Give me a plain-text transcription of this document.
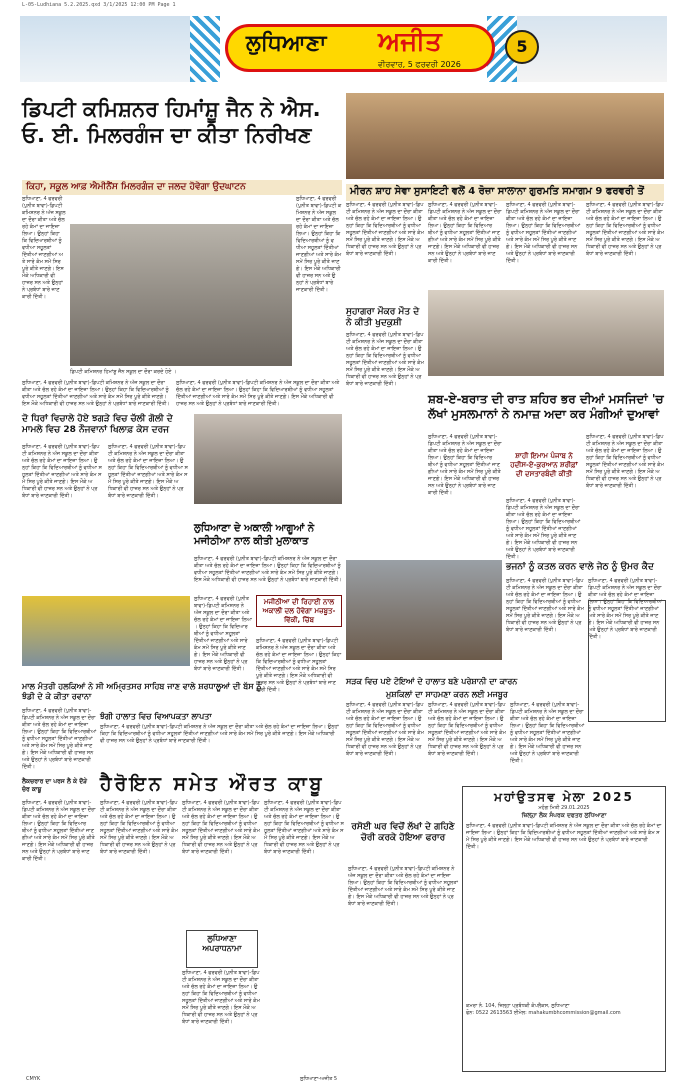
L-05-Ludhiana 5.2.2025.qxd 3/1/2025 12:00 PM Page 1
ਲੁਧਿਆਣਾ ਅਜੀਤ
ਵੀਰਵਾਰ, 5 ਫਰਵਰੀ 2026
5
ਡਿਪਟੀ ਕਮਿਸ਼ਨਰ ਹਿਮਾਂਸ਼ੂ ਜੈਨ ਨੇ ਐਸ. ਓ. ਈ. ਮਿਲਰਗੰਜ ਦਾ ਕੀਤਾ ਨਿਰੀਖਣ
ਕਿਹਾ, ਸਕੂਲ ਆਫ਼ ਐਮੀਨੈਂਸ ਮਿਲਰਗੰਜ ਦਾ ਜਲਦ ਹੋਵੇਗਾ ਉਦਘਾਟਨ
ਲੁਧਿਆਣਾ, 4 ਫਰਵਰੀ (ਪੁਨੀਤ ਬਾਵਾ)-ਡਿਪਟੀ ਕਮਿਸ਼ਨਰ ਨੇ ਅੱਜ ਸਕੂਲ ਦਾ ਦੌਰਾ ਕੀਤਾ ਅਤੇ ਚੱਲ ਰਹੇ ਕੰਮਾਂ ਦਾ ਜਾਇਜ਼ਾ ਲਿਆ। ਉਨ੍ਹਾਂ ਕਿਹਾ ਕਿ ਵਿਦਿਆਰਥੀਆਂ ਨੂੰ ਵਧੀਆ ਸਹੂਲਤਾਂ ਦਿੱਤੀਆਂ ਜਾਣਗੀਆਂ ਅਤੇ ਸਾਰੇ ਕੰਮ ਸਮੇਂ ਸਿਰ ਪੂਰੇ ਕੀਤੇ ਜਾਣਗੇ। ਇਸ ਮੌਕੇ ਅਧਿਕਾਰੀ ਵੀ ਹਾਜ਼ਰ ਸਨ ਅਤੇ ਉਨ੍ਹਾਂ ਨੇ ਪ੍ਰਬੰਧਾਂ ਬਾਰੇ ਜਾਣਕਾਰੀ ਦਿੱਤੀ।
ਡਿਪਟੀ ਕਮਿਸ਼ਨਰ ਹਿਮਾਂਸ਼ੂ ਜੈਨ ਸਕੂਲ ਦਾ ਦੌਰਾ ਕਰਦੇ ਹੋਏ ।
ਲੁਧਿਆਣਾ, 4 ਫਰਵਰੀ (ਪੁਨੀਤ ਬਾਵਾ)-ਡਿਪਟੀ ਕਮਿਸ਼ਨਰ ਨੇ ਅੱਜ ਸਕੂਲ ਦਾ ਦੌਰਾ ਕੀਤਾ ਅਤੇ ਚੱਲ ਰਹੇ ਕੰਮਾਂ ਦਾ ਜਾਇਜ਼ਾ ਲਿਆ। ਉਨ੍ਹਾਂ ਕਿਹਾ ਕਿ ਵਿਦਿਆਰਥੀਆਂ ਨੂੰ ਵਧੀਆ ਸਹੂਲਤਾਂ ਦਿੱਤੀਆਂ ਜਾਣਗੀਆਂ ਅਤੇ ਸਾਰੇ ਕੰਮ ਸਮੇਂ ਸਿਰ ਪੂਰੇ ਕੀਤੇ ਜਾਣਗੇ। ਇਸ ਮੌਕੇ ਅਧਿਕਾਰੀ ਵੀ ਹਾਜ਼ਰ ਸਨ ਅਤੇ ਉਨ੍ਹਾਂ ਨੇ ਪ੍ਰਬੰਧਾਂ ਬਾਰੇ ਜਾਣਕਾਰੀ ਦਿੱਤੀ।
ਲੁਧਿਆਣਾ, 4 ਫਰਵਰੀ (ਪੁਨੀਤ ਬਾਵਾ)-ਡਿਪਟੀ ਕਮਿਸ਼ਨਰ ਨੇ ਅੱਜ ਸਕੂਲ ਦਾ ਦੌਰਾ ਕੀਤਾ ਅਤੇ ਚੱਲ ਰਹੇ ਕੰਮਾਂ ਦਾ ਜਾਇਜ਼ਾ ਲਿਆ। ਉਨ੍ਹਾਂ ਕਿਹਾ ਕਿ ਵਿਦਿਆਰਥੀਆਂ ਨੂੰ ਵਧੀਆ ਸਹੂਲਤਾਂ ਦਿੱਤੀਆਂ ਜਾਣਗੀਆਂ ਅਤੇ ਸਾਰੇ ਕੰਮ ਸਮੇਂ ਸਿਰ ਪੂਰੇ ਕੀਤੇ ਜਾਣਗੇ। ਇਸ ਮੌਕੇ ਅਧਿਕਾਰੀ ਵੀ ਹਾਜ਼ਰ ਸਨ ਅਤੇ ਉਨ੍ਹਾਂ ਨੇ ਪ੍ਰਬੰਧਾਂ ਬਾਰੇ ਜਾਣਕਾਰੀ ਦਿੱਤੀ।
ਲੁਧਿਆਣਾ, 4 ਫਰਵਰੀ (ਪੁਨੀਤ ਬਾਵਾ)-ਡਿਪਟੀ ਕਮਿਸ਼ਨਰ ਨੇ ਅੱਜ ਸਕੂਲ ਦਾ ਦੌਰਾ ਕੀਤਾ ਅਤੇ ਚੱਲ ਰਹੇ ਕੰਮਾਂ ਦਾ ਜਾਇਜ਼ਾ ਲਿਆ। ਉਨ੍ਹਾਂ ਕਿਹਾ ਕਿ ਵਿਦਿਆਰਥੀਆਂ ਨੂੰ ਵਧੀਆ ਸਹੂਲਤਾਂ ਦਿੱਤੀਆਂ ਜਾਣਗੀਆਂ ਅਤੇ ਸਾਰੇ ਕੰਮ ਸਮੇਂ ਸਿਰ ਪੂਰੇ ਕੀਤੇ ਜਾਣਗੇ। ਇਸ ਮੌਕੇ ਅਧਿਕਾਰੀ ਵੀ ਹਾਜ਼ਰ ਸਨ ਅਤੇ ਉਨ੍ਹਾਂ ਨੇ ਪ੍ਰਬੰਧਾਂ ਬਾਰੇ ਜਾਣਕਾਰੀ ਦਿੱਤੀ।
ਮੀਰਨ ਸ਼ਾਹ ਸੇਵਾ ਸੁਸਾਇਟੀ ਵਲੋਂ 4 ਰੋਜ਼ਾ ਸਾਲਾਨਾ ਗੁਰਮਤਿ ਸਮਾਗਮ 9 ਫਰਵਰੀ ਤੋਂ
ਲੁਧਿਆਣਾ, 4 ਫਰਵਰੀ (ਪੁਨੀਤ ਬਾਵਾ)-ਡਿਪਟੀ ਕਮਿਸ਼ਨਰ ਨੇ ਅੱਜ ਸਕੂਲ ਦਾ ਦੌਰਾ ਕੀਤਾ ਅਤੇ ਚੱਲ ਰਹੇ ਕੰਮਾਂ ਦਾ ਜਾਇਜ਼ਾ ਲਿਆ। ਉਨ੍ਹਾਂ ਕਿਹਾ ਕਿ ਵਿਦਿਆਰਥੀਆਂ ਨੂੰ ਵਧੀਆ ਸਹੂਲਤਾਂ ਦਿੱਤੀਆਂ ਜਾਣਗੀਆਂ ਅਤੇ ਸਾਰੇ ਕੰਮ ਸਮੇਂ ਸਿਰ ਪੂਰੇ ਕੀਤੇ ਜਾਣਗੇ। ਇਸ ਮੌਕੇ ਅਧਿਕਾਰੀ ਵੀ ਹਾਜ਼ਰ ਸਨ ਅਤੇ ਉਨ੍ਹਾਂ ਨੇ ਪ੍ਰਬੰਧਾਂ ਬਾਰੇ ਜਾਣਕਾਰੀ ਦਿੱਤੀ।
ਲੁਧਿਆਣਾ, 4 ਫਰਵਰੀ (ਪੁਨੀਤ ਬਾਵਾ)-ਡਿਪਟੀ ਕਮਿਸ਼ਨਰ ਨੇ ਅੱਜ ਸਕੂਲ ਦਾ ਦੌਰਾ ਕੀਤਾ ਅਤੇ ਚੱਲ ਰਹੇ ਕੰਮਾਂ ਦਾ ਜਾਇਜ਼ਾ ਲਿਆ। ਉਨ੍ਹਾਂ ਕਿਹਾ ਕਿ ਵਿਦਿਆਰਥੀਆਂ ਨੂੰ ਵਧੀਆ ਸਹੂਲਤਾਂ ਦਿੱਤੀਆਂ ਜਾਣਗੀਆਂ ਅਤੇ ਸਾਰੇ ਕੰਮ ਸਮੇਂ ਸਿਰ ਪੂਰੇ ਕੀਤੇ ਜਾਣਗੇ। ਇਸ ਮੌਕੇ ਅਧਿਕਾਰੀ ਵੀ ਹਾਜ਼ਰ ਸਨ ਅਤੇ ਉਨ੍ਹਾਂ ਨੇ ਪ੍ਰਬੰਧਾਂ ਬਾਰੇ ਜਾਣਕਾਰੀ ਦਿੱਤੀ।
ਲੁਧਿਆਣਾ, 4 ਫਰਵਰੀ (ਪੁਨੀਤ ਬਾਵਾ)-ਡਿਪਟੀ ਕਮਿਸ਼ਨਰ ਨੇ ਅੱਜ ਸਕੂਲ ਦਾ ਦੌਰਾ ਕੀਤਾ ਅਤੇ ਚੱਲ ਰਹੇ ਕੰਮਾਂ ਦਾ ਜਾਇਜ਼ਾ ਲਿਆ। ਉਨ੍ਹਾਂ ਕਿਹਾ ਕਿ ਵਿਦਿਆਰਥੀਆਂ ਨੂੰ ਵਧੀਆ ਸਹੂਲਤਾਂ ਦਿੱਤੀਆਂ ਜਾਣਗੀਆਂ ਅਤੇ ਸਾਰੇ ਕੰਮ ਸਮੇਂ ਸਿਰ ਪੂਰੇ ਕੀਤੇ ਜਾਣਗੇ। ਇਸ ਮੌਕੇ ਅਧਿਕਾਰੀ ਵੀ ਹਾਜ਼ਰ ਸਨ ਅਤੇ ਉਨ੍ਹਾਂ ਨੇ ਪ੍ਰਬੰਧਾਂ ਬਾਰੇ ਜਾਣਕਾਰੀ ਦਿੱਤੀ।
ਲੁਧਿਆਣਾ, 4 ਫਰਵਰੀ (ਪੁਨੀਤ ਬਾਵਾ)-ਡਿਪਟੀ ਕਮਿਸ਼ਨਰ ਨੇ ਅੱਜ ਸਕੂਲ ਦਾ ਦੌਰਾ ਕੀਤਾ ਅਤੇ ਚੱਲ ਰਹੇ ਕੰਮਾਂ ਦਾ ਜਾਇਜ਼ਾ ਲਿਆ। ਉਨ੍ਹਾਂ ਕਿਹਾ ਕਿ ਵਿਦਿਆਰਥੀਆਂ ਨੂੰ ਵਧੀਆ ਸਹੂਲਤਾਂ ਦਿੱਤੀਆਂ ਜਾਣਗੀਆਂ ਅਤੇ ਸਾਰੇ ਕੰਮ ਸਮੇਂ ਸਿਰ ਪੂਰੇ ਕੀਤੇ ਜਾਣਗੇ। ਇਸ ਮੌਕੇ ਅਧਿਕਾਰੀ ਵੀ ਹਾਜ਼ਰ ਸਨ ਅਤੇ ਉਨ੍ਹਾਂ ਨੇ ਪ੍ਰਬੰਧਾਂ ਬਾਰੇ ਜਾਣਕਾਰੀ ਦਿੱਤੀ।
ਸੁਹਾਗਰਾ ਮੌਕਰ ਮੌਤ ਦੇ ਨੇ ਕੀਤੀ ਖੁਦਕੁਸ਼ੀ
ਲੁਧਿਆਣਾ, 4 ਫਰਵਰੀ (ਪੁਨੀਤ ਬਾਵਾ)-ਡਿਪਟੀ ਕਮਿਸ਼ਨਰ ਨੇ ਅੱਜ ਸਕੂਲ ਦਾ ਦੌਰਾ ਕੀਤਾ ਅਤੇ ਚੱਲ ਰਹੇ ਕੰਮਾਂ ਦਾ ਜਾਇਜ਼ਾ ਲਿਆ। ਉਨ੍ਹਾਂ ਕਿਹਾ ਕਿ ਵਿਦਿਆਰਥੀਆਂ ਨੂੰ ਵਧੀਆ ਸਹੂਲਤਾਂ ਦਿੱਤੀਆਂ ਜਾਣਗੀਆਂ ਅਤੇ ਸਾਰੇ ਕੰਮ ਸਮੇਂ ਸਿਰ ਪੂਰੇ ਕੀਤੇ ਜਾਣਗੇ। ਇਸ ਮੌਕੇ ਅਧਿਕਾਰੀ ਵੀ ਹਾਜ਼ਰ ਸਨ ਅਤੇ ਉਨ੍ਹਾਂ ਨੇ ਪ੍ਰਬੰਧਾਂ ਬਾਰੇ ਜਾਣਕਾਰੀ ਦਿੱਤੀ।
ਸ਼ਬ-ਏ-ਬਰਾਤ ਦੀ ਰਾਤ ਸ਼ਹਿਰ ਭਰ ਦੀਆਂ ਮਸਜਿਦਾਂ 'ਚ ਲੱਖਾਂ ਮੁਸਲਮਾਨਾਂ ਨੇ ਨਮਾਜ਼ ਅਦਾ ਕਰ ਮੰਗੀਆਂ ਦੁਆਵਾਂ
ਲੁਧਿਆਣਾ, 4 ਫਰਵਰੀ (ਪੁਨੀਤ ਬਾਵਾ)-ਡਿਪਟੀ ਕਮਿਸ਼ਨਰ ਨੇ ਅੱਜ ਸਕੂਲ ਦਾ ਦੌਰਾ ਕੀਤਾ ਅਤੇ ਚੱਲ ਰਹੇ ਕੰਮਾਂ ਦਾ ਜਾਇਜ਼ਾ ਲਿਆ। ਉਨ੍ਹਾਂ ਕਿਹਾ ਕਿ ਵਿਦਿਆਰਥੀਆਂ ਨੂੰ ਵਧੀਆ ਸਹੂਲਤਾਂ ਦਿੱਤੀਆਂ ਜਾਣਗੀਆਂ ਅਤੇ ਸਾਰੇ ਕੰਮ ਸਮੇਂ ਸਿਰ ਪੂਰੇ ਕੀਤੇ ਜਾਣਗੇ। ਇਸ ਮੌਕੇ ਅਧਿਕਾਰੀ ਵੀ ਹਾਜ਼ਰ ਸਨ ਅਤੇ ਉਨ੍ਹਾਂ ਨੇ ਪ੍ਰਬੰਧਾਂ ਬਾਰੇ ਜਾਣਕਾਰੀ ਦਿੱਤੀ।
ਸ਼ਾਹੀ ਇਮਾਮ ਪੰਜਾਬ ਨੇ ਹਦੀਸ-ਏ-ਕੁਰਆਨ ਸ਼ਰੀਫ਼ਾਂ ਦੀ ਦਸਤਾਰਬੰਦੀ ਕੀਤੀ
ਲੁਧਿਆਣਾ, 4 ਫਰਵਰੀ (ਪੁਨੀਤ ਬਾਵਾ)-ਡਿਪਟੀ ਕਮਿਸ਼ਨਰ ਨੇ ਅੱਜ ਸਕੂਲ ਦਾ ਦੌਰਾ ਕੀਤਾ ਅਤੇ ਚੱਲ ਰਹੇ ਕੰਮਾਂ ਦਾ ਜਾਇਜ਼ਾ ਲਿਆ। ਉਨ੍ਹਾਂ ਕਿਹਾ ਕਿ ਵਿਦਿਆਰਥੀਆਂ ਨੂੰ ਵਧੀਆ ਸਹੂਲਤਾਂ ਦਿੱਤੀਆਂ ਜਾਣਗੀਆਂ ਅਤੇ ਸਾਰੇ ਕੰਮ ਸਮੇਂ ਸਿਰ ਪੂਰੇ ਕੀਤੇ ਜਾਣਗੇ। ਇਸ ਮੌਕੇ ਅਧਿਕਾਰੀ ਵੀ ਹਾਜ਼ਰ ਸਨ ਅਤੇ ਉਨ੍ਹਾਂ ਨੇ ਪ੍ਰਬੰਧਾਂ ਬਾਰੇ ਜਾਣਕਾਰੀ ਦਿੱਤੀ।
ਲੁਧਿਆਣਾ, 4 ਫਰਵਰੀ (ਪੁਨੀਤ ਬਾਵਾ)-ਡਿਪਟੀ ਕਮਿਸ਼ਨਰ ਨੇ ਅੱਜ ਸਕੂਲ ਦਾ ਦੌਰਾ ਕੀਤਾ ਅਤੇ ਚੱਲ ਰਹੇ ਕੰਮਾਂ ਦਾ ਜਾਇਜ਼ਾ ਲਿਆ। ਉਨ੍ਹਾਂ ਕਿਹਾ ਕਿ ਵਿਦਿਆਰਥੀਆਂ ਨੂੰ ਵਧੀਆ ਸਹੂਲਤਾਂ ਦਿੱਤੀਆਂ ਜਾਣਗੀਆਂ ਅਤੇ ਸਾਰੇ ਕੰਮ ਸਮੇਂ ਸਿਰ ਪੂਰੇ ਕੀਤੇ ਜਾਣਗੇ। ਇਸ ਮੌਕੇ ਅਧਿਕਾਰੀ ਵੀ ਹਾਜ਼ਰ ਸਨ ਅਤੇ ਉਨ੍ਹਾਂ ਨੇ ਪ੍ਰਬੰਧਾਂ ਬਾਰੇ ਜਾਣਕਾਰੀ ਦਿੱਤੀ।
ਭਜਨਾਂ ਨੂੰ ਕਤਲ ਕਰਨ ਵਾਲੇ ਜੇਠ ਨੂੰ ਉਮਰ ਕੈਦ
ਲੁਧਿਆਣਾ, 4 ਫਰਵਰੀ (ਪੁਨੀਤ ਬਾਵਾ)-ਡਿਪਟੀ ਕਮਿਸ਼ਨਰ ਨੇ ਅੱਜ ਸਕੂਲ ਦਾ ਦੌਰਾ ਕੀਤਾ ਅਤੇ ਚੱਲ ਰਹੇ ਕੰਮਾਂ ਦਾ ਜਾਇਜ਼ਾ ਲਿਆ। ਉਨ੍ਹਾਂ ਕਿਹਾ ਕਿ ਵਿਦਿਆਰਥੀਆਂ ਨੂੰ ਵਧੀਆ ਸਹੂਲਤਾਂ ਦਿੱਤੀਆਂ ਜਾਣਗੀਆਂ ਅਤੇ ਸਾਰੇ ਕੰਮ ਸਮੇਂ ਸਿਰ ਪੂਰੇ ਕੀਤੇ ਜਾਣਗੇ। ਇਸ ਮੌਕੇ ਅਧਿਕਾਰੀ ਵੀ ਹਾਜ਼ਰ ਸਨ ਅਤੇ ਉਨ੍ਹਾਂ ਨੇ ਪ੍ਰਬੰਧਾਂ ਬਾਰੇ ਜਾਣਕਾਰੀ ਦਿੱਤੀ।
ਲੁਧਿਆਣਾ, 4 ਫਰਵਰੀ (ਪੁਨੀਤ ਬਾਵਾ)-ਡਿਪਟੀ ਕਮਿਸ਼ਨਰ ਨੇ ਅੱਜ ਸਕੂਲ ਦਾ ਦੌਰਾ ਕੀਤਾ ਅਤੇ ਚੱਲ ਰਹੇ ਕੰਮਾਂ ਦਾ ਜਾਇਜ਼ਾ ਲਿਆ। ਉਨ੍ਹਾਂ ਕਿਹਾ ਕਿ ਵਿਦਿਆਰਥੀਆਂ ਨੂੰ ਵਧੀਆ ਸਹੂਲਤਾਂ ਦਿੱਤੀਆਂ ਜਾਣਗੀਆਂ ਅਤੇ ਸਾਰੇ ਕੰਮ ਸਮੇਂ ਸਿਰ ਪੂਰੇ ਕੀਤੇ ਜਾਣਗੇ। ਇਸ ਮੌਕੇ ਅਧਿਕਾਰੀ ਵੀ ਹਾਜ਼ਰ ਸਨ ਅਤੇ ਉਨ੍ਹਾਂ ਨੇ ਪ੍ਰਬੰਧਾਂ ਬਾਰੇ ਜਾਣਕਾਰੀ ਦਿੱਤੀ।
ਦੋ ਧਿਰਾਂ ਵਿਚਾਲੇ ਹੋਏ ਝਗੜੇ ਵਿਚ ਚੱਲੀ ਗੋਲੀ ਦੇ ਮਾਮਲੇ ਵਿਚ 28 ਨੌਜਵਾਨਾਂ ਖਿਲਾਫ਼ ਕੇਸ ਦਰਜ
ਲੁਧਿਆਣਾ, 4 ਫਰਵਰੀ (ਪੁਨੀਤ ਬਾਵਾ)-ਡਿਪਟੀ ਕਮਿਸ਼ਨਰ ਨੇ ਅੱਜ ਸਕੂਲ ਦਾ ਦੌਰਾ ਕੀਤਾ ਅਤੇ ਚੱਲ ਰਹੇ ਕੰਮਾਂ ਦਾ ਜਾਇਜ਼ਾ ਲਿਆ। ਉਨ੍ਹਾਂ ਕਿਹਾ ਕਿ ਵਿਦਿਆਰਥੀਆਂ ਨੂੰ ਵਧੀਆ ਸਹੂਲਤਾਂ ਦਿੱਤੀਆਂ ਜਾਣਗੀਆਂ ਅਤੇ ਸਾਰੇ ਕੰਮ ਸਮੇਂ ਸਿਰ ਪੂਰੇ ਕੀਤੇ ਜਾਣਗੇ। ਇਸ ਮੌਕੇ ਅਧਿਕਾਰੀ ਵੀ ਹਾਜ਼ਰ ਸਨ ਅਤੇ ਉਨ੍ਹਾਂ ਨੇ ਪ੍ਰਬੰਧਾਂ ਬਾਰੇ ਜਾਣਕਾਰੀ ਦਿੱਤੀ।
ਲੁਧਿਆਣਾ, 4 ਫਰਵਰੀ (ਪੁਨੀਤ ਬਾਵਾ)-ਡਿਪਟੀ ਕਮਿਸ਼ਨਰ ਨੇ ਅੱਜ ਸਕੂਲ ਦਾ ਦੌਰਾ ਕੀਤਾ ਅਤੇ ਚੱਲ ਰਹੇ ਕੰਮਾਂ ਦਾ ਜਾਇਜ਼ਾ ਲਿਆ। ਉਨ੍ਹਾਂ ਕਿਹਾ ਕਿ ਵਿਦਿਆਰਥੀਆਂ ਨੂੰ ਵਧੀਆ ਸਹੂਲਤਾਂ ਦਿੱਤੀਆਂ ਜਾਣਗੀਆਂ ਅਤੇ ਸਾਰੇ ਕੰਮ ਸਮੇਂ ਸਿਰ ਪੂਰੇ ਕੀਤੇ ਜਾਣਗੇ। ਇਸ ਮੌਕੇ ਅਧਿਕਾਰੀ ਵੀ ਹਾਜ਼ਰ ਸਨ ਅਤੇ ਉਨ੍ਹਾਂ ਨੇ ਪ੍ਰਬੰਧਾਂ ਬਾਰੇ ਜਾਣਕਾਰੀ ਦਿੱਤੀ।
ਲੁਧਿਆਣਾ ਦੇ ਅਕਾਲੀ ਆਗੂਆਂ ਨੇ ਮਜੀਠੀਆ ਨਾਲ ਕੀਤੀ ਮੁਲਾਕਾਤ
ਲੁਧਿਆਣਾ, 4 ਫਰਵਰੀ (ਪੁਨੀਤ ਬਾਵਾ)-ਡਿਪਟੀ ਕਮਿਸ਼ਨਰ ਨੇ ਅੱਜ ਸਕੂਲ ਦਾ ਦੌਰਾ ਕੀਤਾ ਅਤੇ ਚੱਲ ਰਹੇ ਕੰਮਾਂ ਦਾ ਜਾਇਜ਼ਾ ਲਿਆ। ਉਨ੍ਹਾਂ ਕਿਹਾ ਕਿ ਵਿਦਿਆਰਥੀਆਂ ਨੂੰ ਵਧੀਆ ਸਹੂਲਤਾਂ ਦਿੱਤੀਆਂ ਜਾਣਗੀਆਂ ਅਤੇ ਸਾਰੇ ਕੰਮ ਸਮੇਂ ਸਿਰ ਪੂਰੇ ਕੀਤੇ ਜਾਣਗੇ। ਇਸ ਮੌਕੇ ਅਧਿਕਾਰੀ ਵੀ ਹਾਜ਼ਰ ਸਨ ਅਤੇ ਉਨ੍ਹਾਂ ਨੇ ਪ੍ਰਬੰਧਾਂ ਬਾਰੇ ਜਾਣਕਾਰੀ ਦਿੱਤੀ।
ਮਜੀਠੀਆ ਦੀ ਰਿਹਾਈ ਨਾਲ ਅਕਾਲੀ ਦਲ ਹੋਵੇਗਾ ਮਜ਼ਬੂਤ-ਵਿੱਕੀ, ਚਿੱਬ
ਲੁਧਿਆਣਾ, 4 ਫਰਵਰੀ (ਪੁਨੀਤ ਬਾਵਾ)-ਡਿਪਟੀ ਕਮਿਸ਼ਨਰ ਨੇ ਅੱਜ ਸਕੂਲ ਦਾ ਦੌਰਾ ਕੀਤਾ ਅਤੇ ਚੱਲ ਰਹੇ ਕੰਮਾਂ ਦਾ ਜਾਇਜ਼ਾ ਲਿਆ। ਉਨ੍ਹਾਂ ਕਿਹਾ ਕਿ ਵਿਦਿਆਰਥੀਆਂ ਨੂੰ ਵਧੀਆ ਸਹੂਲਤਾਂ ਦਿੱਤੀਆਂ ਜਾਣਗੀਆਂ ਅਤੇ ਸਾਰੇ ਕੰਮ ਸਮੇਂ ਸਿਰ ਪੂਰੇ ਕੀਤੇ ਜਾਣਗੇ। ਇਸ ਮੌਕੇ ਅਧਿਕਾਰੀ ਵੀ ਹਾਜ਼ਰ ਸਨ ਅਤੇ ਉਨ੍ਹਾਂ ਨੇ ਪ੍ਰਬੰਧਾਂ ਬਾਰੇ ਜਾਣਕਾਰੀ ਦਿੱਤੀ।
ਲੁਧਿਆਣਾ, 4 ਫਰਵਰੀ (ਪੁਨੀਤ ਬਾਵਾ)-ਡਿਪਟੀ ਕਮਿਸ਼ਨਰ ਨੇ ਅੱਜ ਸਕੂਲ ਦਾ ਦੌਰਾ ਕੀਤਾ ਅਤੇ ਚੱਲ ਰਹੇ ਕੰਮਾਂ ਦਾ ਜਾਇਜ਼ਾ ਲਿਆ। ਉਨ੍ਹਾਂ ਕਿਹਾ ਕਿ ਵਿਦਿਆਰਥੀਆਂ ਨੂੰ ਵਧੀਆ ਸਹੂਲਤਾਂ ਦਿੱਤੀਆਂ ਜਾਣਗੀਆਂ ਅਤੇ ਸਾਰੇ ਕੰਮ ਸਮੇਂ ਸਿਰ ਪੂਰੇ ਕੀਤੇ ਜਾਣਗੇ। ਇਸ ਮੌਕੇ ਅਧਿਕਾਰੀ ਵੀ ਹਾਜ਼ਰ ਸਨ ਅਤੇ ਉਨ੍ਹਾਂ ਨੇ ਪ੍ਰਬੰਧਾਂ ਬਾਰੇ ਜਾਣਕਾਰੀ ਦਿੱਤੀ।
ਸੜਕ ਵਿਚ ਪਏ ਟੋਇਆਂ ਦੇ ਹਾਲਾਤ ਬਣੇ ਪਰੇਸ਼ਾਨੀ ਦਾ ਕਾਰਨ
ਮੁਸ਼ਕਿਲਾਂ ਦਾ ਸਾਹਮਣਾ ਕਰਨ ਲਈ ਮਜਬੂਰ
ਮਾਲ ਮੰਤਰੀ ਹਲਕਿਆਂ ਨੇ ਸੀ ਅਮ੍ਰਿਤਸਰ ਸਾਹਿਬ ਜਾਣ ਵਾਲੇ ਸ਼ਰਧਾਲੂਆਂ ਦੀ ਬੱਸ ਨੂੰ ਝੰਡੀ ਦੇ ਕੇ ਕੀਤਾ ਰਵਾਨਾ
ਲੁਧਿਆਣਾ, 4 ਫਰਵਰੀ (ਪੁਨੀਤ ਬਾਵਾ)-ਡਿਪਟੀ ਕਮਿਸ਼ਨਰ ਨੇ ਅੱਜ ਸਕੂਲ ਦਾ ਦੌਰਾ ਕੀਤਾ ਅਤੇ ਚੱਲ ਰਹੇ ਕੰਮਾਂ ਦਾ ਜਾਇਜ਼ਾ ਲਿਆ। ਉਨ੍ਹਾਂ ਕਿਹਾ ਕਿ ਵਿਦਿਆਰਥੀਆਂ ਨੂੰ ਵਧੀਆ ਸਹੂਲਤਾਂ ਦਿੱਤੀਆਂ ਜਾਣਗੀਆਂ ਅਤੇ ਸਾਰੇ ਕੰਮ ਸਮੇਂ ਸਿਰ ਪੂਰੇ ਕੀਤੇ ਜਾਣਗੇ। ਇਸ ਮੌਕੇ ਅਧਿਕਾਰੀ ਵੀ ਹਾਜ਼ਰ ਸਨ ਅਤੇ ਉਨ੍ਹਾਂ ਨੇ ਪ੍ਰਬੰਧਾਂ ਬਾਰੇ ਜਾਣਕਾਰੀ ਦਿੱਤੀ।
ਝੰਗੀ ਹਾਲਾਤ ਵਿਚ ਵਿਆਪਕਤਾ ਲਾਪਤਾ
ਲੁਧਿਆਣਾ, 4 ਫਰਵਰੀ (ਪੁਨੀਤ ਬਾਵਾ)-ਡਿਪਟੀ ਕਮਿਸ਼ਨਰ ਨੇ ਅੱਜ ਸਕੂਲ ਦਾ ਦੌਰਾ ਕੀਤਾ ਅਤੇ ਚੱਲ ਰਹੇ ਕੰਮਾਂ ਦਾ ਜਾਇਜ਼ਾ ਲਿਆ। ਉਨ੍ਹਾਂ ਕਿਹਾ ਕਿ ਵਿਦਿਆਰਥੀਆਂ ਨੂੰ ਵਧੀਆ ਸਹੂਲਤਾਂ ਦਿੱਤੀਆਂ ਜਾਣਗੀਆਂ ਅਤੇ ਸਾਰੇ ਕੰਮ ਸਮੇਂ ਸਿਰ ਪੂਰੇ ਕੀਤੇ ਜਾਣਗੇ। ਇਸ ਮੌਕੇ ਅਧਿਕਾਰੀ ਵੀ ਹਾਜ਼ਰ ਸਨ ਅਤੇ ਉਨ੍ਹਾਂ ਨੇ ਪ੍ਰਬੰਧਾਂ ਬਾਰੇ ਜਾਣਕਾਰੀ ਦਿੱਤੀ।
ਲੁਧਿਆਣਾ, 4 ਫਰਵਰੀ (ਪੁਨੀਤ ਬਾਵਾ)-ਡਿਪਟੀ ਕਮਿਸ਼ਨਰ ਨੇ ਅੱਜ ਸਕੂਲ ਦਾ ਦੌਰਾ ਕੀਤਾ ਅਤੇ ਚੱਲ ਰਹੇ ਕੰਮਾਂ ਦਾ ਜਾਇਜ਼ਾ ਲਿਆ। ਉਨ੍ਹਾਂ ਕਿਹਾ ਕਿ ਵਿਦਿਆਰਥੀਆਂ ਨੂੰ ਵਧੀਆ ਸਹੂਲਤਾਂ ਦਿੱਤੀਆਂ ਜਾਣਗੀਆਂ ਅਤੇ ਸਾਰੇ ਕੰਮ ਸਮੇਂ ਸਿਰ ਪੂਰੇ ਕੀਤੇ ਜਾਣਗੇ। ਇਸ ਮੌਕੇ ਅਧਿਕਾਰੀ ਵੀ ਹਾਜ਼ਰ ਸਨ ਅਤੇ ਉਨ੍ਹਾਂ ਨੇ ਪ੍ਰਬੰਧਾਂ ਬਾਰੇ ਜਾਣਕਾਰੀ ਦਿੱਤੀ।
ਲੁਧਿਆਣਾ, 4 ਫਰਵਰੀ (ਪੁਨੀਤ ਬਾਵਾ)-ਡਿਪਟੀ ਕਮਿਸ਼ਨਰ ਨੇ ਅੱਜ ਸਕੂਲ ਦਾ ਦੌਰਾ ਕੀਤਾ ਅਤੇ ਚੱਲ ਰਹੇ ਕੰਮਾਂ ਦਾ ਜਾਇਜ਼ਾ ਲਿਆ। ਉਨ੍ਹਾਂ ਕਿਹਾ ਕਿ ਵਿਦਿਆਰਥੀਆਂ ਨੂੰ ਵਧੀਆ ਸਹੂਲਤਾਂ ਦਿੱਤੀਆਂ ਜਾਣਗੀਆਂ ਅਤੇ ਸਾਰੇ ਕੰਮ ਸਮੇਂ ਸਿਰ ਪੂਰੇ ਕੀਤੇ ਜਾਣਗੇ। ਇਸ ਮੌਕੇ ਅਧਿਕਾਰੀ ਵੀ ਹਾਜ਼ਰ ਸਨ ਅਤੇ ਉਨ੍ਹਾਂ ਨੇ ਪ੍ਰਬੰਧਾਂ ਬਾਰੇ ਜਾਣਕਾਰੀ ਦਿੱਤੀ।
ਲੁਧਿਆਣਾ, 4 ਫਰਵਰੀ (ਪੁਨੀਤ ਬਾਵਾ)-ਡਿਪਟੀ ਕਮਿਸ਼ਨਰ ਨੇ ਅੱਜ ਸਕੂਲ ਦਾ ਦੌਰਾ ਕੀਤਾ ਅਤੇ ਚੱਲ ਰਹੇ ਕੰਮਾਂ ਦਾ ਜਾਇਜ਼ਾ ਲਿਆ। ਉਨ੍ਹਾਂ ਕਿਹਾ ਕਿ ਵਿਦਿਆਰਥੀਆਂ ਨੂੰ ਵਧੀਆ ਸਹੂਲਤਾਂ ਦਿੱਤੀਆਂ ਜਾਣਗੀਆਂ ਅਤੇ ਸਾਰੇ ਕੰਮ ਸਮੇਂ ਸਿਰ ਪੂਰੇ ਕੀਤੇ ਜਾਣਗੇ। ਇਸ ਮੌਕੇ ਅਧਿਕਾਰੀ ਵੀ ਹਾਜ਼ਰ ਸਨ ਅਤੇ ਉਨ੍ਹਾਂ ਨੇ ਪ੍ਰਬੰਧਾਂ ਬਾਰੇ ਜਾਣਕਾਰੀ ਦਿੱਤੀ।
ਹੈਰੋਇਨ ਸਮੇਤ ਔਰਤ ਕਾਬੂ
ਲੈਕਚਰਾਰ ਦਾ ਪਰਸ ਲੈ ਕੇ ਦੌੜੇ ਚੋਰ ਕਾਬੂ
ਲੁਧਿਆਣਾ, 4 ਫਰਵਰੀ (ਪੁਨੀਤ ਬਾਵਾ)-ਡਿਪਟੀ ਕਮਿਸ਼ਨਰ ਨੇ ਅੱਜ ਸਕੂਲ ਦਾ ਦੌਰਾ ਕੀਤਾ ਅਤੇ ਚੱਲ ਰਹੇ ਕੰਮਾਂ ਦਾ ਜਾਇਜ਼ਾ ਲਿਆ। ਉਨ੍ਹਾਂ ਕਿਹਾ ਕਿ ਵਿਦਿਆਰਥੀਆਂ ਨੂੰ ਵਧੀਆ ਸਹੂਲਤਾਂ ਦਿੱਤੀਆਂ ਜਾਣਗੀਆਂ ਅਤੇ ਸਾਰੇ ਕੰਮ ਸਮੇਂ ਸਿਰ ਪੂਰੇ ਕੀਤੇ ਜਾਣਗੇ। ਇਸ ਮੌਕੇ ਅਧਿਕਾਰੀ ਵੀ ਹਾਜ਼ਰ ਸਨ ਅਤੇ ਉਨ੍ਹਾਂ ਨੇ ਪ੍ਰਬੰਧਾਂ ਬਾਰੇ ਜਾਣਕਾਰੀ ਦਿੱਤੀ।
ਲੁਧਿਆਣਾ, 4 ਫਰਵਰੀ (ਪੁਨੀਤ ਬਾਵਾ)-ਡਿਪਟੀ ਕਮਿਸ਼ਨਰ ਨੇ ਅੱਜ ਸਕੂਲ ਦਾ ਦੌਰਾ ਕੀਤਾ ਅਤੇ ਚੱਲ ਰਹੇ ਕੰਮਾਂ ਦਾ ਜਾਇਜ਼ਾ ਲਿਆ। ਉਨ੍ਹਾਂ ਕਿਹਾ ਕਿ ਵਿਦਿਆਰਥੀਆਂ ਨੂੰ ਵਧੀਆ ਸਹੂਲਤਾਂ ਦਿੱਤੀਆਂ ਜਾਣਗੀਆਂ ਅਤੇ ਸਾਰੇ ਕੰਮ ਸਮੇਂ ਸਿਰ ਪੂਰੇ ਕੀਤੇ ਜਾਣਗੇ। ਇਸ ਮੌਕੇ ਅਧਿਕਾਰੀ ਵੀ ਹਾਜ਼ਰ ਸਨ ਅਤੇ ਉਨ੍ਹਾਂ ਨੇ ਪ੍ਰਬੰਧਾਂ ਬਾਰੇ ਜਾਣਕਾਰੀ ਦਿੱਤੀ।
ਲੁਧਿਆਣਾ, 4 ਫਰਵਰੀ (ਪੁਨੀਤ ਬਾਵਾ)-ਡਿਪਟੀ ਕਮਿਸ਼ਨਰ ਨੇ ਅੱਜ ਸਕੂਲ ਦਾ ਦੌਰਾ ਕੀਤਾ ਅਤੇ ਚੱਲ ਰਹੇ ਕੰਮਾਂ ਦਾ ਜਾਇਜ਼ਾ ਲਿਆ। ਉਨ੍ਹਾਂ ਕਿਹਾ ਕਿ ਵਿਦਿਆਰਥੀਆਂ ਨੂੰ ਵਧੀਆ ਸਹੂਲਤਾਂ ਦਿੱਤੀਆਂ ਜਾਣਗੀਆਂ ਅਤੇ ਸਾਰੇ ਕੰਮ ਸਮੇਂ ਸਿਰ ਪੂਰੇ ਕੀਤੇ ਜਾਣਗੇ। ਇਸ ਮੌਕੇ ਅਧਿਕਾਰੀ ਵੀ ਹਾਜ਼ਰ ਸਨ ਅਤੇ ਉਨ੍ਹਾਂ ਨੇ ਪ੍ਰਬੰਧਾਂ ਬਾਰੇ ਜਾਣਕਾਰੀ ਦਿੱਤੀ।
ਲੁਧਿਆਣਾ, 4 ਫਰਵਰੀ (ਪੁਨੀਤ ਬਾਵਾ)-ਡਿਪਟੀ ਕਮਿਸ਼ਨਰ ਨੇ ਅੱਜ ਸਕੂਲ ਦਾ ਦੌਰਾ ਕੀਤਾ ਅਤੇ ਚੱਲ ਰਹੇ ਕੰਮਾਂ ਦਾ ਜਾਇਜ਼ਾ ਲਿਆ। ਉਨ੍ਹਾਂ ਕਿਹਾ ਕਿ ਵਿਦਿਆਰਥੀਆਂ ਨੂੰ ਵਧੀਆ ਸਹੂਲਤਾਂ ਦਿੱਤੀਆਂ ਜਾਣਗੀਆਂ ਅਤੇ ਸਾਰੇ ਕੰਮ ਸਮੇਂ ਸਿਰ ਪੂਰੇ ਕੀਤੇ ਜਾਣਗੇ। ਇਸ ਮੌਕੇ ਅਧਿਕਾਰੀ ਵੀ ਹਾਜ਼ਰ ਸਨ ਅਤੇ ਉਨ੍ਹਾਂ ਨੇ ਪ੍ਰਬੰਧਾਂ ਬਾਰੇ ਜਾਣਕਾਰੀ ਦਿੱਤੀ।
ਲੁਧਿਆਣਾ ਅਪਰਾਧਨਾਮਾ
ਲੁਧਿਆਣਾ, 4 ਫਰਵਰੀ (ਪੁਨੀਤ ਬਾਵਾ)-ਡਿਪਟੀ ਕਮਿਸ਼ਨਰ ਨੇ ਅੱਜ ਸਕੂਲ ਦਾ ਦੌਰਾ ਕੀਤਾ ਅਤੇ ਚੱਲ ਰਹੇ ਕੰਮਾਂ ਦਾ ਜਾਇਜ਼ਾ ਲਿਆ। ਉਨ੍ਹਾਂ ਕਿਹਾ ਕਿ ਵਿਦਿਆਰਥੀਆਂ ਨੂੰ ਵਧੀਆ ਸਹੂਲਤਾਂ ਦਿੱਤੀਆਂ ਜਾਣਗੀਆਂ ਅਤੇ ਸਾਰੇ ਕੰਮ ਸਮੇਂ ਸਿਰ ਪੂਰੇ ਕੀਤੇ ਜਾਣਗੇ। ਇਸ ਮੌਕੇ ਅਧਿਕਾਰੀ ਵੀ ਹਾਜ਼ਰ ਸਨ ਅਤੇ ਉਨ੍ਹਾਂ ਨੇ ਪ੍ਰਬੰਧਾਂ ਬਾਰੇ ਜਾਣਕਾਰੀ ਦਿੱਤੀ।
ਰਸੋਈ ਘਰ ਵਿਚੋਂ ਲੱਖਾਂ ਦੇ ਗਹਿਣੇ ਚੋਰੀ ਕਰਕੇ ਹੋਇਆ ਫਰਾਰ
ਲੁਧਿਆਣਾ, 4 ਫਰਵਰੀ (ਪੁਨੀਤ ਬਾਵਾ)-ਡਿਪਟੀ ਕਮਿਸ਼ਨਰ ਨੇ ਅੱਜ ਸਕੂਲ ਦਾ ਦੌਰਾ ਕੀਤਾ ਅਤੇ ਚੱਲ ਰਹੇ ਕੰਮਾਂ ਦਾ ਜਾਇਜ਼ਾ ਲਿਆ। ਉਨ੍ਹਾਂ ਕਿਹਾ ਕਿ ਵਿਦਿਆਰਥੀਆਂ ਨੂੰ ਵਧੀਆ ਸਹੂਲਤਾਂ ਦਿੱਤੀਆਂ ਜਾਣਗੀਆਂ ਅਤੇ ਸਾਰੇ ਕੰਮ ਸਮੇਂ ਸਿਰ ਪੂਰੇ ਕੀਤੇ ਜਾਣਗੇ। ਇਸ ਮੌਕੇ ਅਧਿਕਾਰੀ ਵੀ ਹਾਜ਼ਰ ਸਨ ਅਤੇ ਉਨ੍ਹਾਂ ਨੇ ਪ੍ਰਬੰਧਾਂ ਬਾਰੇ ਜਾਣਕਾਰੀ ਦਿੱਤੀ।
ਮਹਾਂਉਤਸਵ ਮੇਲਾ 2025
ਮਹੰਗ ਮਿਤੀ 29.01.2025
ਜ਼ਿਲ੍ਹਾ ਲੋਕ ਸੰਪਰਕ ਦਫਤਰ ਲੁਧਿਆਣਾ
ਲੁਧਿਆਣਾ, 4 ਫਰਵਰੀ (ਪੁਨੀਤ ਬਾਵਾ)-ਡਿਪਟੀ ਕਮਿਸ਼ਨਰ ਨੇ ਅੱਜ ਸਕੂਲ ਦਾ ਦੌਰਾ ਕੀਤਾ ਅਤੇ ਚੱਲ ਰਹੇ ਕੰਮਾਂ ਦਾ ਜਾਇਜ਼ਾ ਲਿਆ। ਉਨ੍ਹਾਂ ਕਿਹਾ ਕਿ ਵਿਦਿਆਰਥੀਆਂ ਨੂੰ ਵਧੀਆ ਸਹੂਲਤਾਂ ਦਿੱਤੀਆਂ ਜਾਣਗੀਆਂ ਅਤੇ ਸਾਰੇ ਕੰਮ ਸਮੇਂ ਸਿਰ ਪੂਰੇ ਕੀਤੇ ਜਾਣਗੇ। ਇਸ ਮੌਕੇ ਅਧਿਕਾਰੀ ਵੀ ਹਾਜ਼ਰ ਸਨ ਅਤੇ ਉਨ੍ਹਾਂ ਨੇ ਪ੍ਰਬੰਧਾਂ ਬਾਰੇ ਜਾਣਕਾਰੀ ਦਿੱਤੀ।
ਕਮਰਾ ਨੰ. 104, ਜ਼ਿਲ੍ਹਾ ਪ੍ਰਬੰਧਕੀ ਕੰਪਲੈਕਸ, ਲੁਧਿਆਣਾ
ਫੋਨ: 0522 2613563 ਈਮੇਲ: mahakumbhcommission@gmail.com
CMYK	ਲੁਧਿਆਣਾ-ਅਜੀਤ 5
